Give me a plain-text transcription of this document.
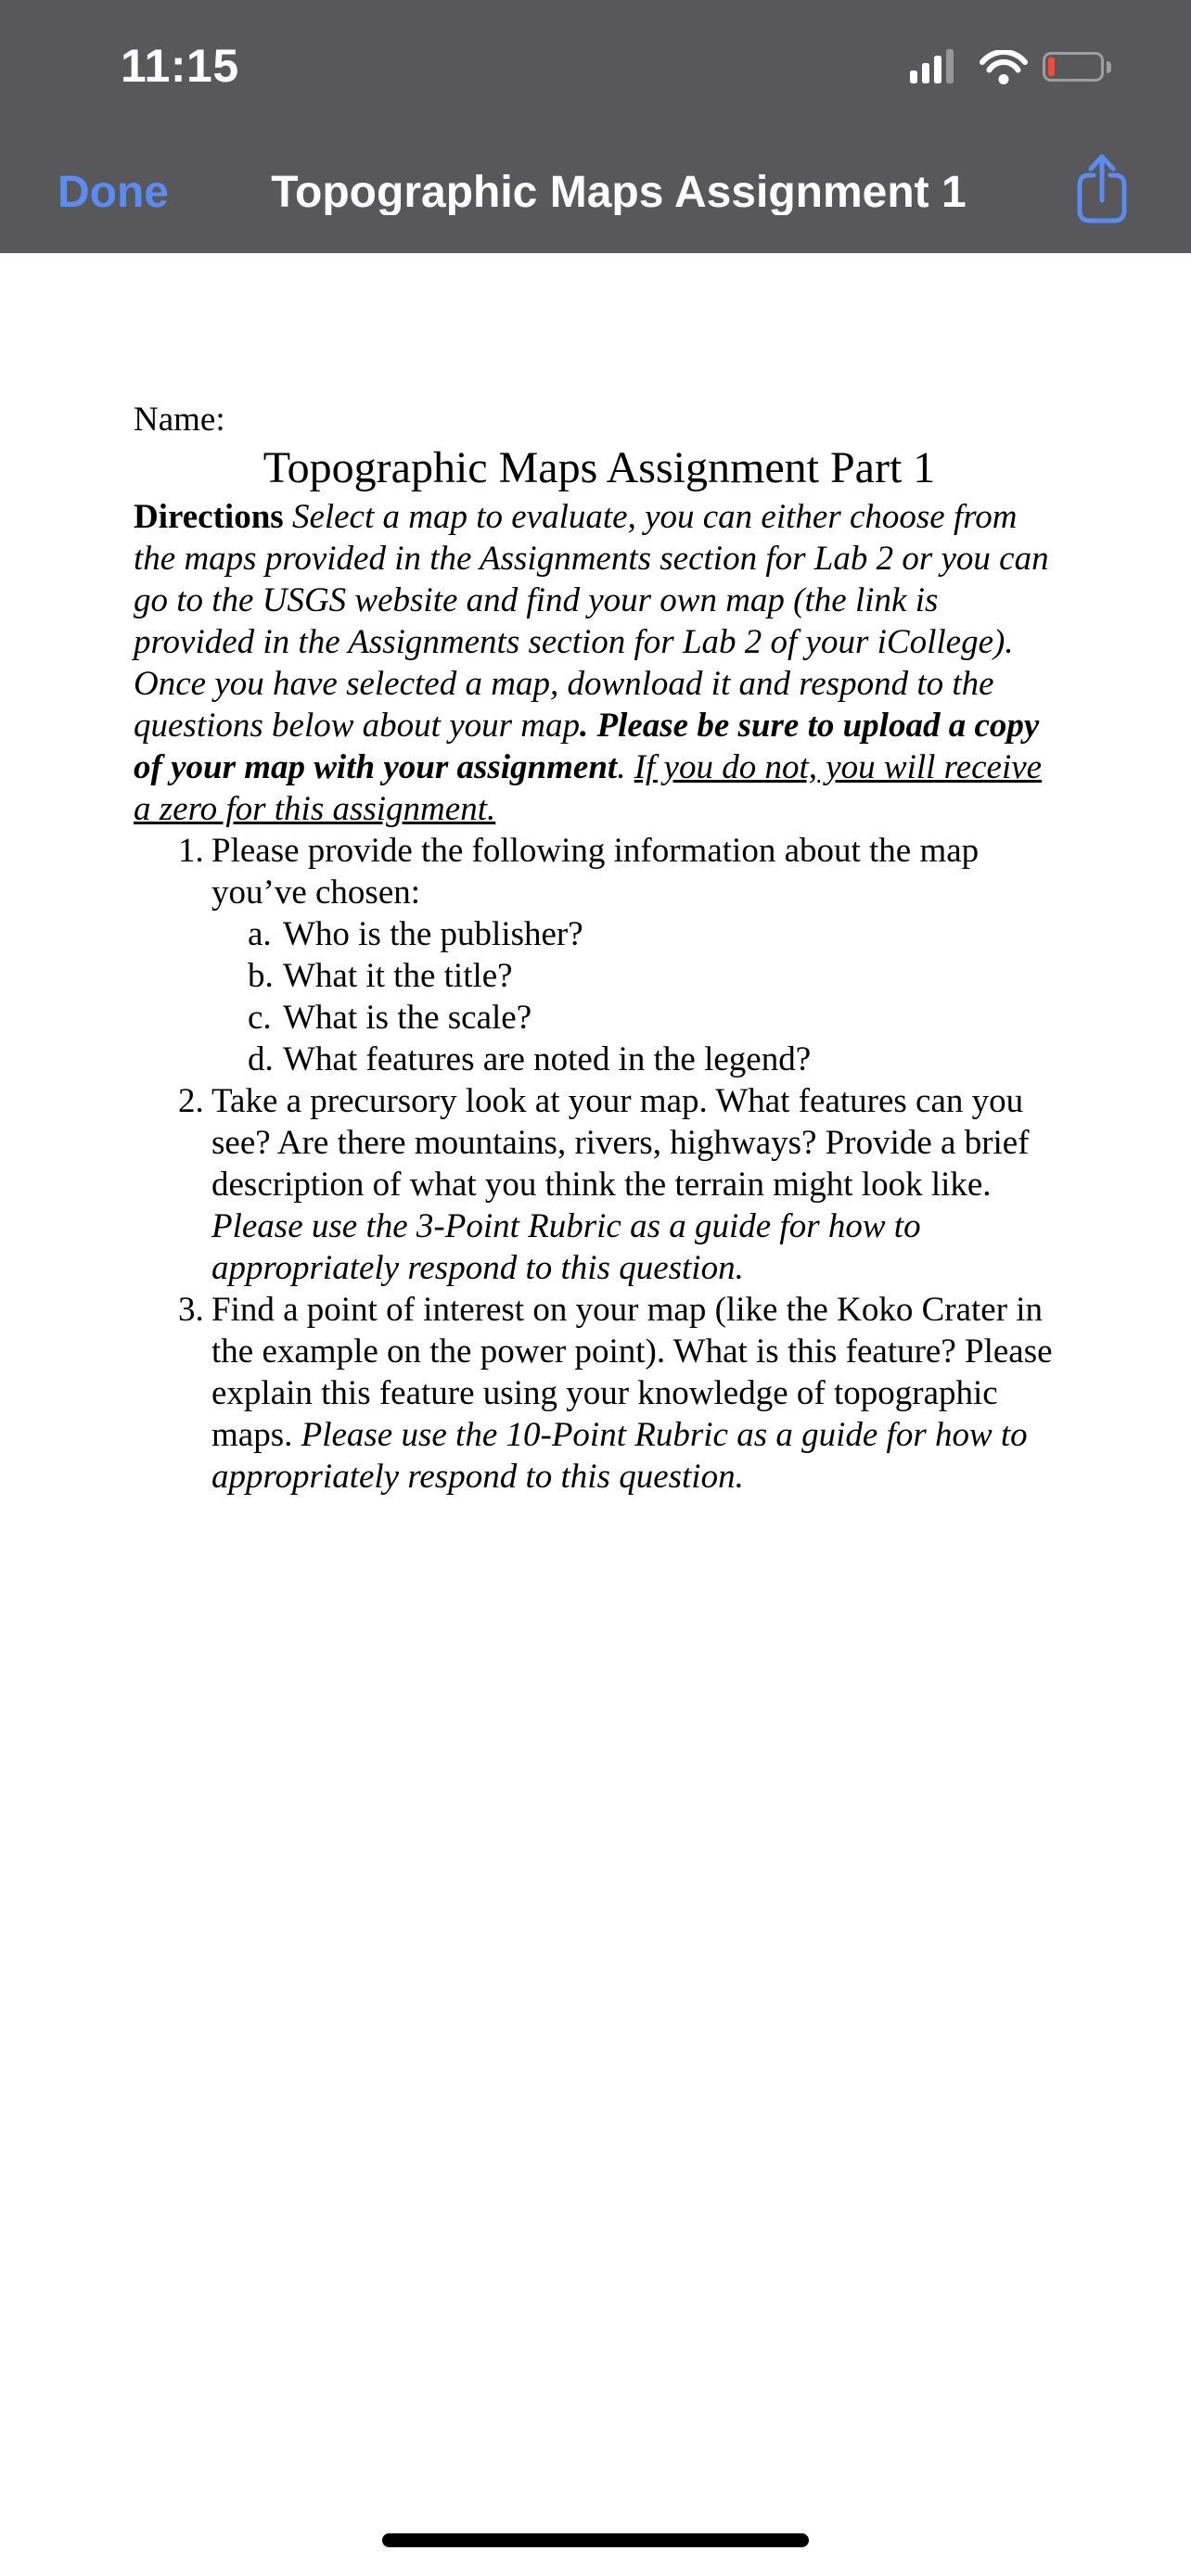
11:15
Done	Topographic Maps Assignment 1
Name:
Topographic Maps Assignment Part 1

Directions Select a map to evaluate, you can either choose from the maps provided in the Assignments section for Lab 2 or you can go to the USGS website and find your own map (the link is provided in the Assignments section for Lab 2 of your iCollege). Once you have selected a map, download it and respond to the questions below about your map. Please be sure to upload a copy of your map with your assignment. If you do not, you will receive a zero for this assignment.

1. Please provide the following information about the map you’ve chosen:
a. Who is the publisher?
b. What it the title?
c. What is the scale?
d. What features are noted in the legend?
2. Take a precursory look at your map. What features can you see? Are there mountains, rivers, highways? Provide a brief description of what you think the terrain might look like. Please use the 3-Point Rubric as a guide for how to appropriately respond to this question.
3. Find a point of interest on your map (like the Koko Crater in the example on the power point). What is this feature? Please explain this feature using your knowledge of topographic maps. Please use the 10-Point Rubric as a guide for how to appropriately respond to this question.
